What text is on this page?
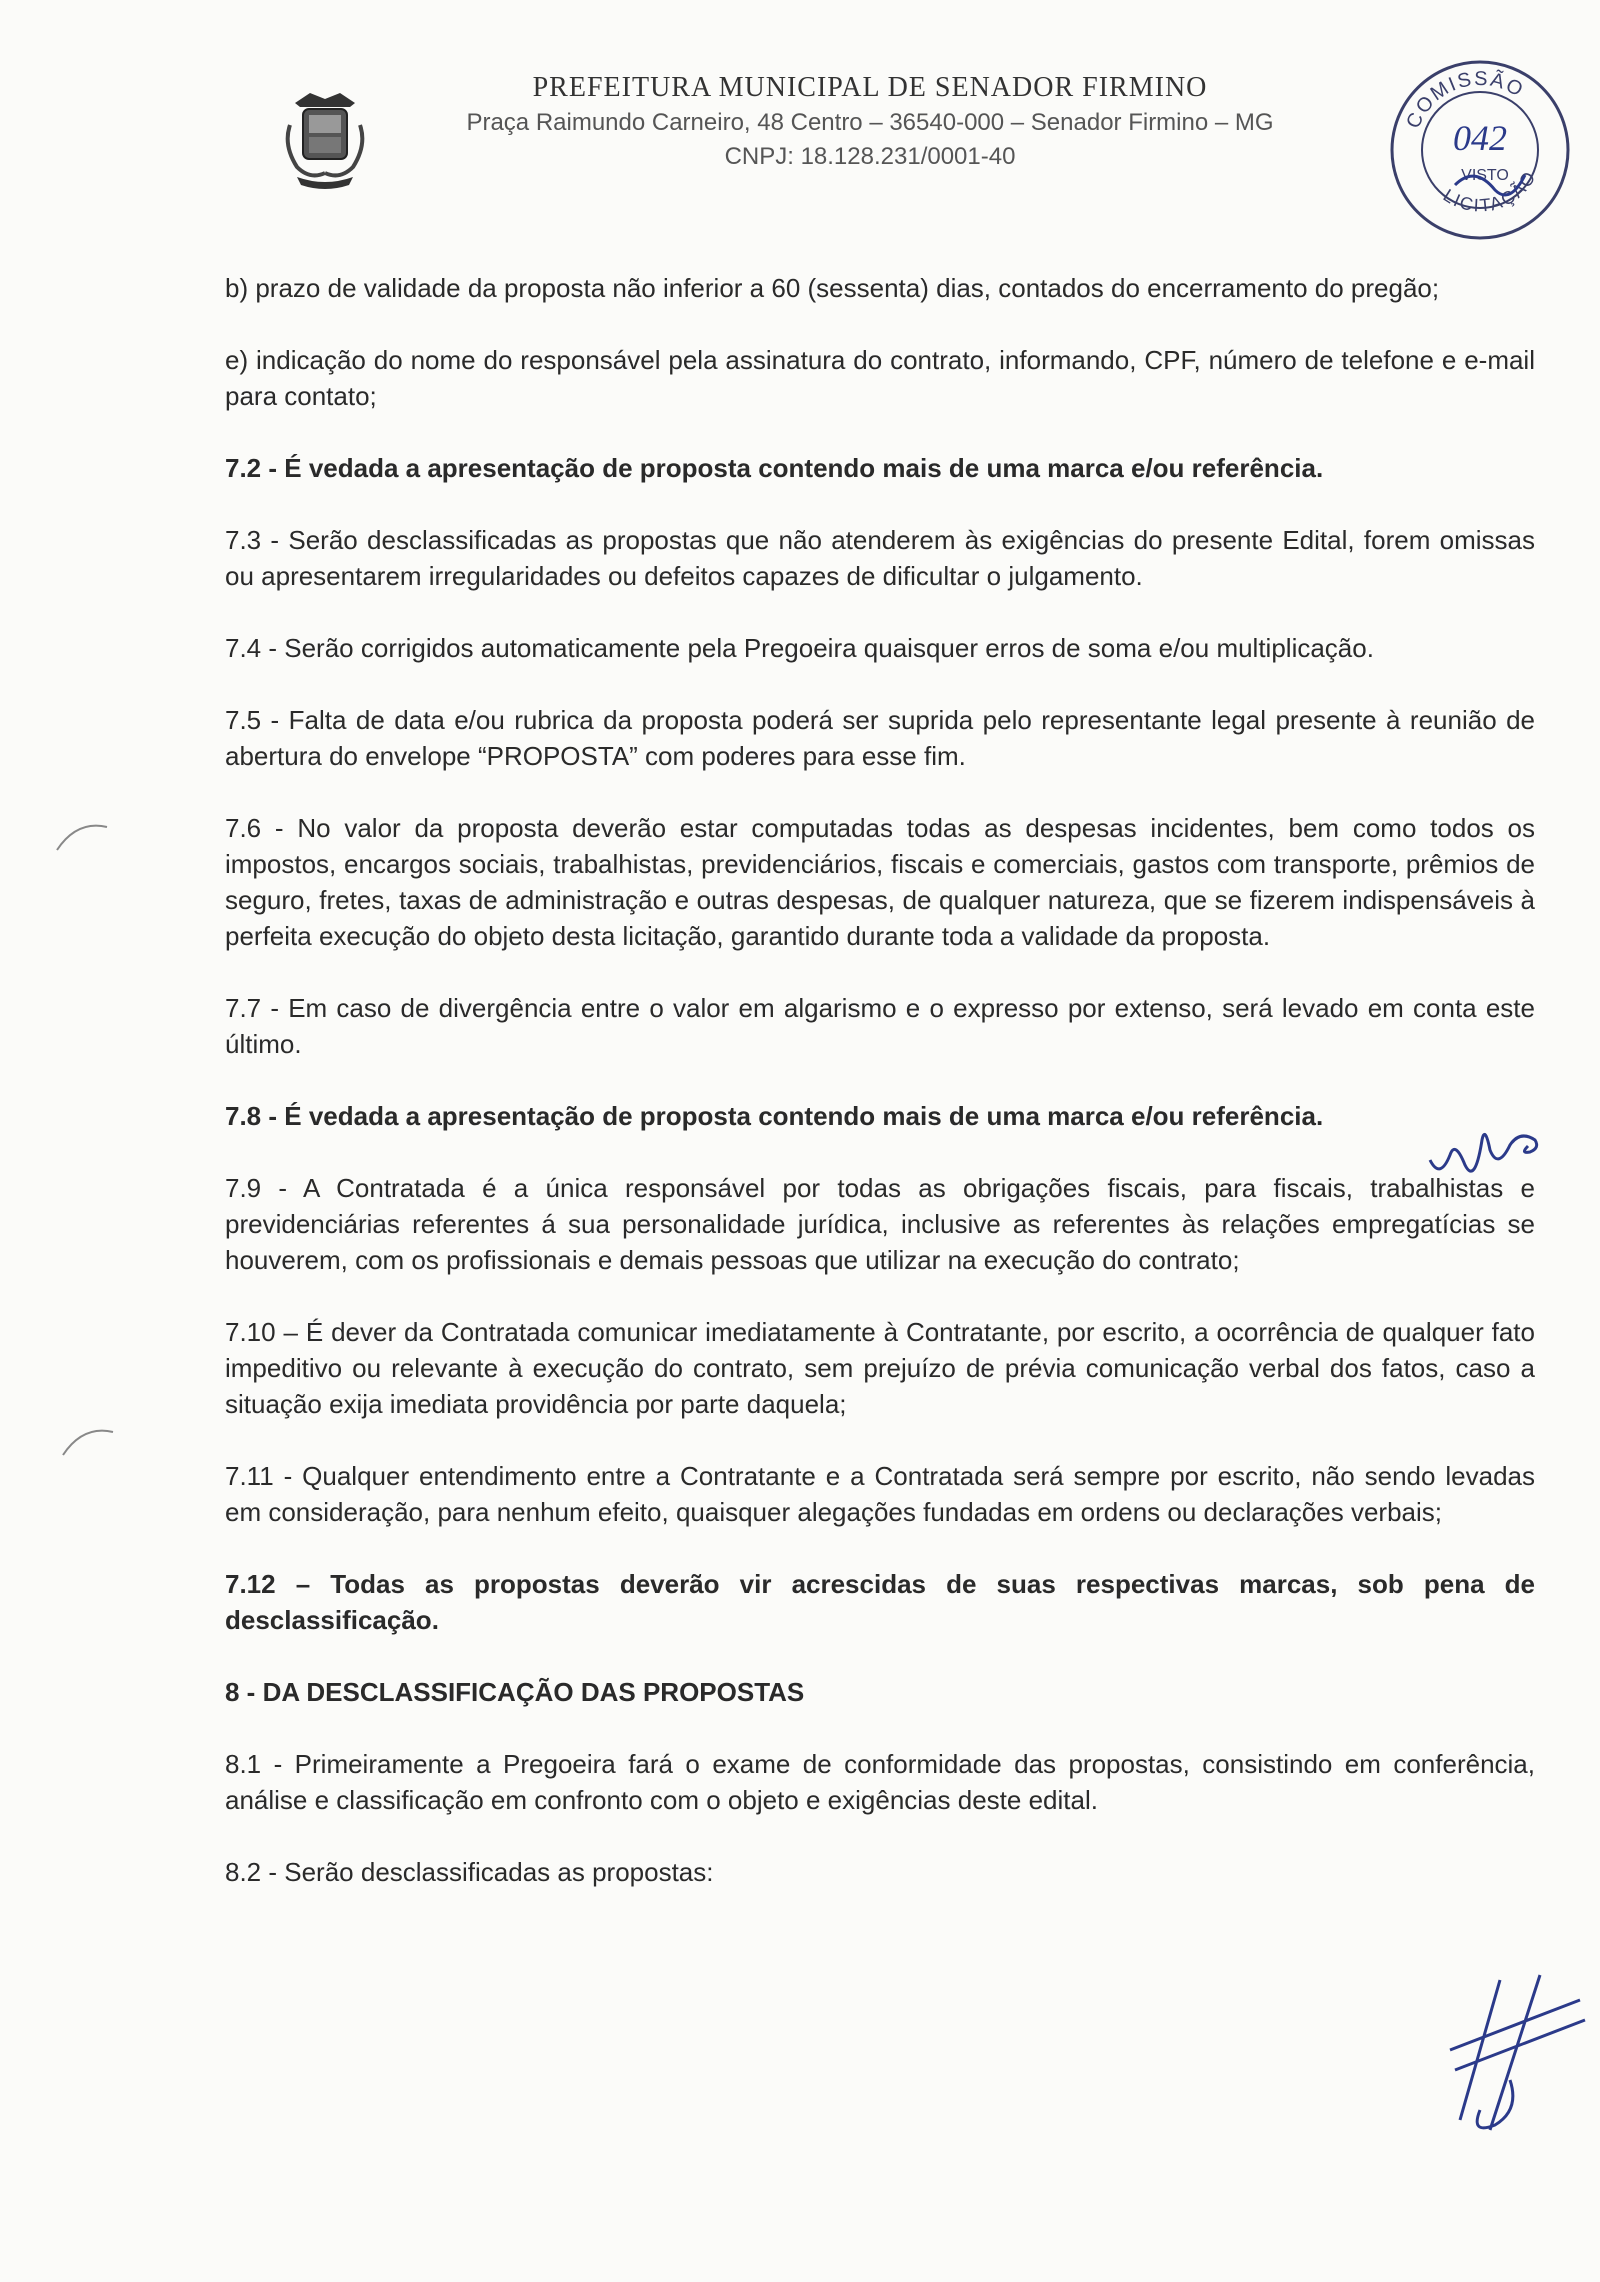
PREFEITURA MUNICIPAL DE SENADOR FIRMINO

Praça Raimundo Carneiro, 48 Centro – 36540-000 – Senador Firmino – MG

CNPJ: 18.128.231/0001-40

COMISSÃO
LICITAÇÃO
042
VISTO

b) prazo de validade da proposta não inferior a 60 (sessenta) dias, contados do encerramento do pregão;

e) indicação do nome do responsável pela assinatura do contrato, informando, CPF, número de telefone e e-mail para contato;

7.2 - É vedada a apresentação de proposta contendo mais de uma marca e/ou referência.

7.3 - Serão desclassificadas as propostas que não atenderem às exigências do presente Edital, forem omissas ou apresentarem irregularidades ou defeitos capazes de dificultar o julgamento.

7.4 - Serão corrigidos automaticamente pela Pregoeira quaisquer erros de soma e/ou multiplicação.

7.5 - Falta de data e/ou rubrica da proposta poderá ser suprida pelo representante legal presente à reunião de abertura do envelope “PROPOSTA” com poderes para esse fim.

7.6 - No valor da proposta deverão estar computadas todas as despesas incidentes, bem como todos os impostos, encargos sociais, trabalhistas, previdenciários, fiscais e comerciais, gastos com transporte, prêmios de seguro, fretes, taxas de administração e outras despesas, de qualquer natureza, que se fizerem indispensáveis à perfeita execução do objeto desta licitação, garantido durante toda a validade da proposta.

7.7 - Em caso de divergência entre o valor em algarismo e o expresso por extenso, será levado em conta este último.

7.8 - É vedada a apresentação de proposta contendo mais de uma marca e/ou referência.

7.9 - A Contratada é a única responsável por todas as obrigações fiscais, para fiscais, trabalhistas e previdenciárias referentes á sua personalidade jurídica, inclusive as referentes às relações empregatícias se houverem, com os profissionais e demais pessoas que utilizar na execução do contrato;

7.10 – É dever da Contratada comunicar imediatamente à Contratante, por escrito, a ocorrência de qualquer fato impeditivo ou relevante à execução do contrato, sem prejuízo de prévia comunicação verbal dos fatos, caso a situação exija imediata providência por parte daquela;

7.11 - Qualquer entendimento entre a Contratante e a Contratada será sempre por escrito, não sendo levadas em consideração, para nenhum efeito, quaisquer alegações fundadas em ordens ou declarações verbais;

7.12 – Todas as propostas deverão vir acrescidas de suas respectivas marcas, sob pena de desclassificação.

8 - DA DESCLASSIFICAÇÃO DAS PROPOSTAS

8.1 - Primeiramente a Pregoeira fará o exame de conformidade das propostas, consistindo em conferência, análise e classificação em confronto com o objeto e exigências deste edital.

8.2 - Serão desclassificadas as propostas:
